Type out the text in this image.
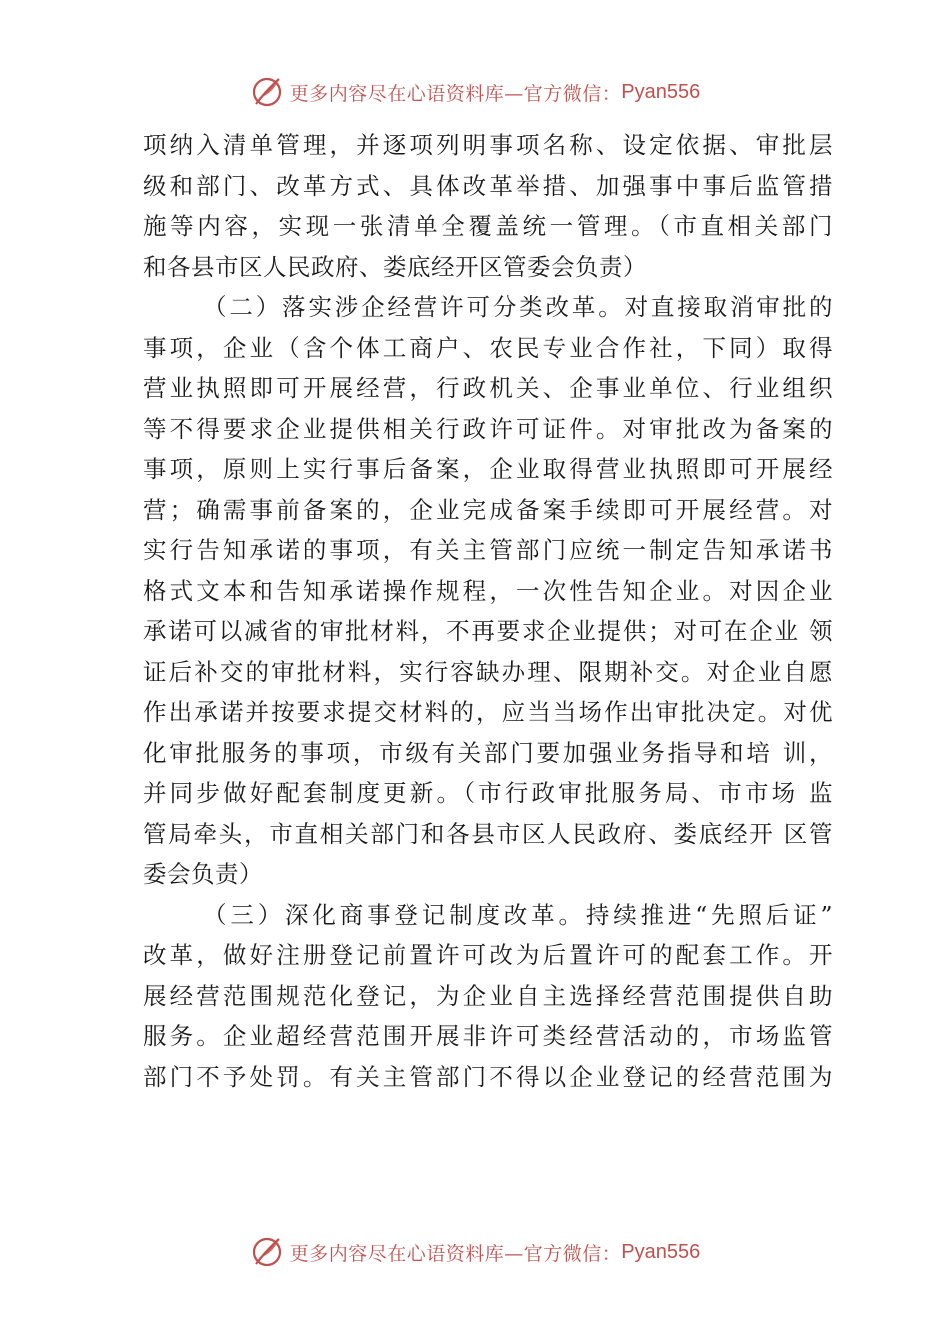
更多内容尽在心语资料库—官方微信： Pyan556
项纳入清单管理，并逐项列明事项名称、设定依据、审批层
级和部门、改革方式、具体改革举措、加强事中事后监管措
施等内容，实现一张清单全覆盖统一管理。（市直相关部门
和各县市区人民政府、娄底经开区管委会负责）
（二）落实涉企经营许可分类改革。对直接取消审批的
事项，企业（含个体工商户、农民专业合作社，下同）取得
营业执照即可开展经营，行政机关、企事业单位、行业组织
等不得要求企业提供相关行政许可证件。对审批改为备案的
事项，原则上实行事后备案，企业取得营业执照即可开展经
营；确需事前备案的，企业完成备案手续即可开展经营。对
实行告知承诺的事项，有关主管部门应统一制定告知承诺书
格式文本和告知承诺操作规程，一次性告知企业。对因企业
承诺可以减省的审批材料，不再要求企业提供；对可在企业 领
证后补交的审批材料，实行容缺办理、限期补交。对企业自愿
作出承诺并按要求提交材料的，应当当场作出审批决定。对优
化审批服务的事项，市级有关部门要加强业务指导和培 训，
并同步做好配套制度更新。（市行政审批服务局、市市场 监
管局牵头，市直相关部门和各县市区人民政府、娄底经开 区管
委会负责）
（三）深化商事登记制度改革。持续推进“先照后证”
改革，做好注册登记前置许可改为后置许可的配套工作。开
展经营范围规范化登记，为企业自主选择经营范围提供自助
服务。企业超经营范围开展非许可类经营活动的，市场监管
部门不予处罚。有关主管部门不得以企业登记的经营范围为
更多内容尽在心语资料库—官方微信： Pyan556
